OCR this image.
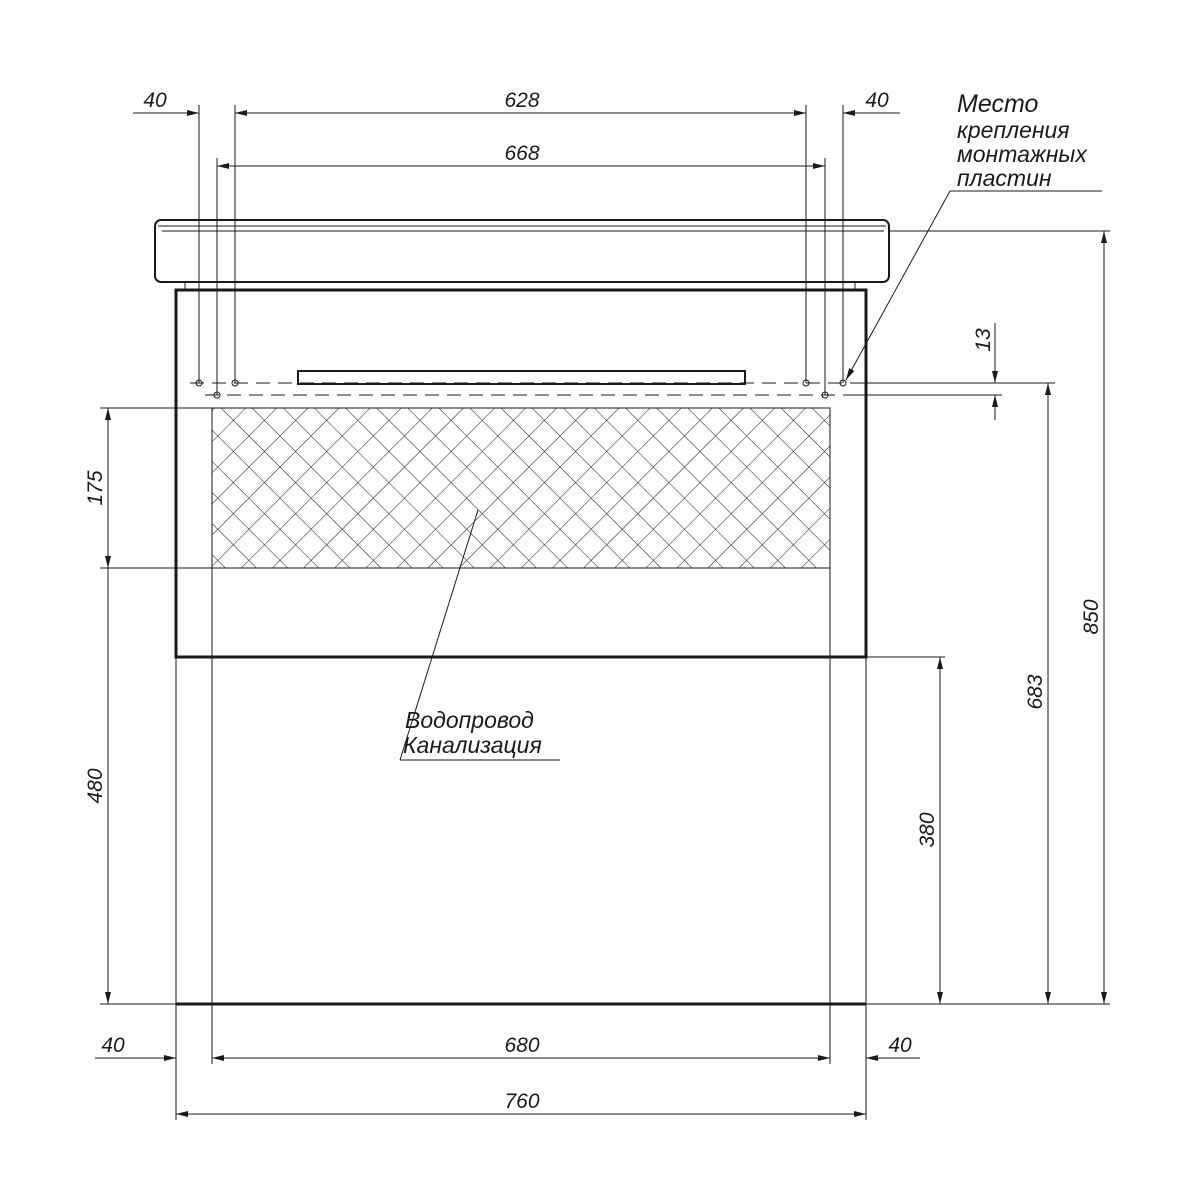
40	628	40
668
175
480
40	680	40
760
13
380
683
850
Место
крепления
монтажных
пластин
Водопровод
Канализация
